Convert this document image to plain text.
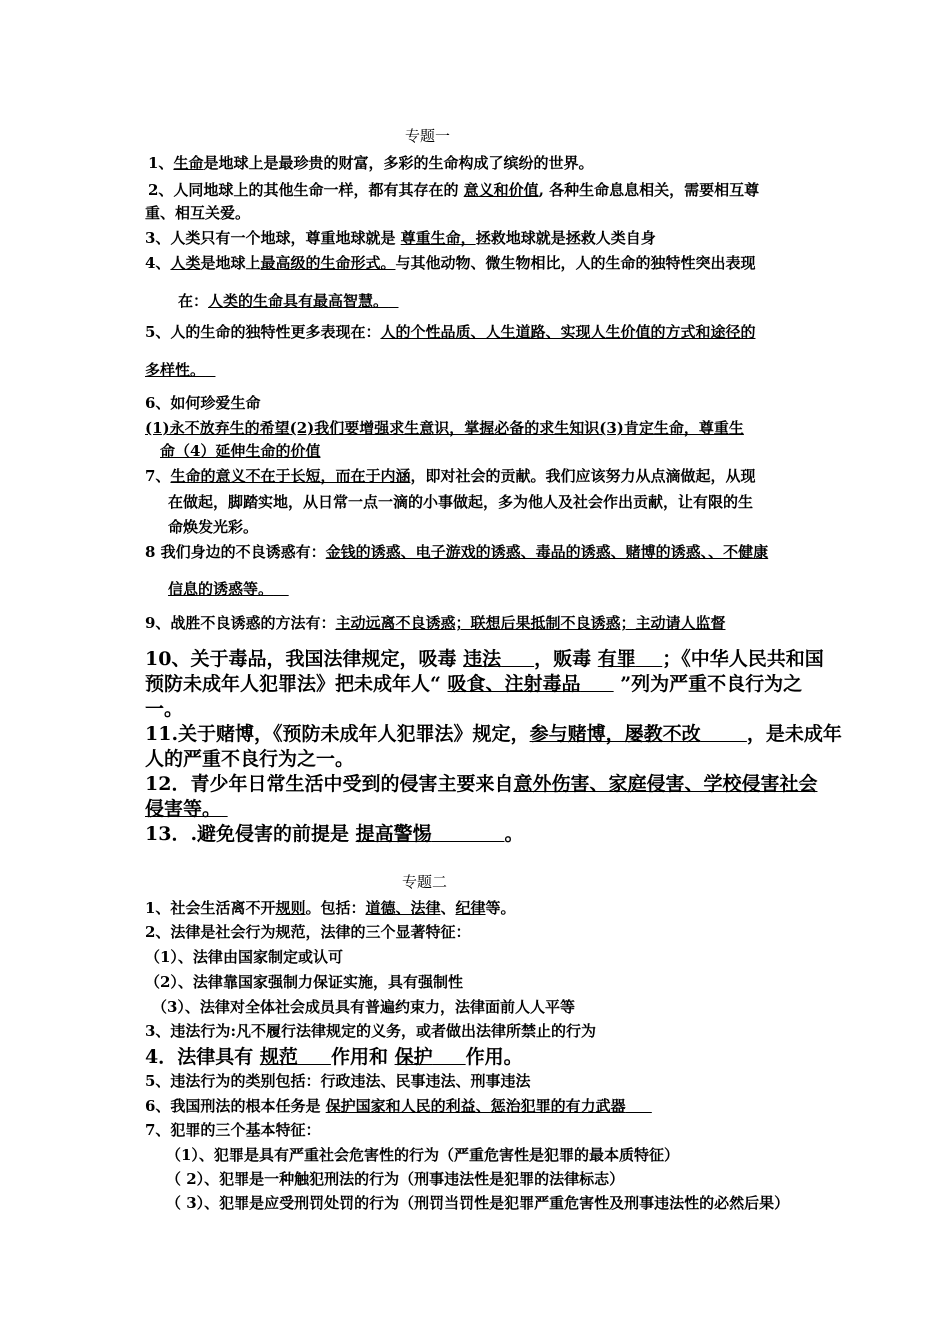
专题一
1、生命是地球上是最珍贵的财富，多彩的生命构成了缤纷的世界。
2、人同地球上的其他生命一样，都有其存在的 意义和价值, 各种生命息息相关，需要相互尊
重、相互关爱。
3、人类只有一个地球，尊重地球就是 尊重生命，拯救地球就是拯救人类自身
4、人类是地球上最高级的生命形式。与其他动物、微生物相比，人的生命的独特性突出表现
在：人类的生命具有最高智慧。
5、人的生命的独特性更多表现在：人的个性品质、人生道路、实现人生价值的方式和途径的
多样性。
6、如何珍爱生命
(1)永不放弃生的希望(2)我们要增强求生意识，掌握必备的求生知识(3)肯定生命，尊重生
命（4）延伸生命的价值
7、生命的意义不在于长短，而在于内涵，即对社会的贡献。我们应该努力从点滴做起，从现
在做起，脚踏实地，从日常一点一滴的小事做起，多为他人及社会作出贡献，让有限的生
命焕发光彩。
8 我们身边的不良诱惑有：金钱的诱惑、电子游戏的诱惑、毒品的诱惑、赌博的诱惑、、不健康
信息的诱惑等。
9、战胜不良诱惑的方法有：主动远离不良诱惑；联想后果抵制不良诱惑；主动请人监督
10、关于毒品，我国法律规定，吸毒 违法 ，贩毒 有罪 ；《中华人民共和国
预防未成年人犯罪法》把未成年人“ 吸食、注射毒品      ”列为严重不良行为之
一。
11.关于赌博，《预防未成年人犯罪法》规定，参与赌博，屡教不改 ，是未成年
人的严重不良行为之一。
12．青少年日常生活中受到的侵害主要来自意外伤害、家庭侵害、学校侵害社会
侵害等。
13．.避免侵害的前提是 提高警惕	。
专题二
1、社会生活离不开规则。包括：道德、法律、纪律等。
2、法律是社会行为规范，法律的三个显著特征：
（1）、法律由国家制定或认可
（2）、法律靠国家强制力保证实施，具有强制性
（3）、法律对全体社会成员具有普遍约束力，法律面前人人平等
3、违法行为:凡不履行法律规定的义务，或者做出法律所禁止的行为
4．法律具有 规范 作用和 保护 作用。
5、违法行为的类别包括：行政违法、民事违法、刑事违法
6、我国刑法的根本任务是 保护国家和人民的利益、惩治犯罪的有力武器
7、犯罪的三个基本特征：
（1）、犯罪是具有严重社会危害性的行为（严重危害性是犯罪的最本质特征）
（ 2）、犯罪是一种触犯刑法的行为（刑事违法性是犯罪的法律标志）
（ 3）、犯罪是应受刑罚处罚的行为（刑罚当罚性是犯罪严重危害性及刑事违法性的必然后果）
